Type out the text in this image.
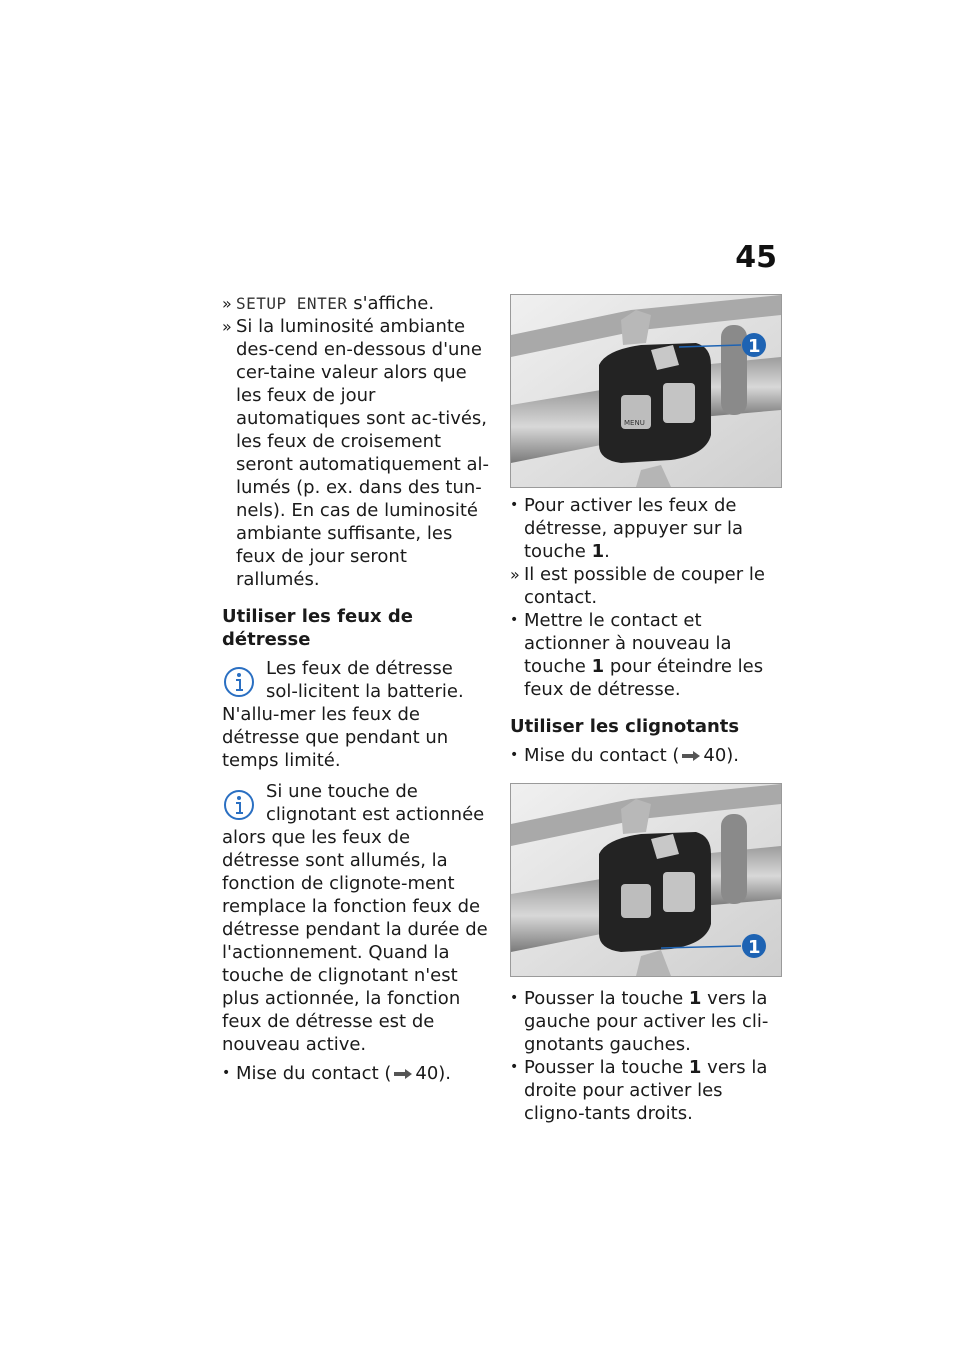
45

» SETUP ENTER s'affiche.

» Si la luminosité ambiante des-cend en-dessous d'une cer-taine valeur alors que les feux de jour automatiques sont ac-tivés, les feux de croisement seront automatiquement al-lumés (p. ex. dans des tun-nels). En cas de luminosité ambiante suffisante, les feux de jour seront rallumés.

Utiliser les feux de détresse

Les feux de détresse sol-licitent la batterie. N'allu-mer les feux de détresse que pendant un temps limité.

Si une touche de clignotant est actionnée alors que les feux de détresse sont allumés, la fonction de clignote-ment remplace la fonction feux de détresse pendant la durée de l'actionnement. Quand la touche de clignotant n'est plus actionnée, la fonction feux de détresse est de nouveau active.

• Mise du contact ( 40).

MENU
1

• Pour activer les feux de détresse, appuyer sur la touche 1.

» Il est possible de couper le contact.

• Mettre le contact et actionner à nouveau la touche 1 pour éteindre les feux de détresse.

Utiliser les clignotants

• Mise du contact ( 40).

1

• Pousser la touche 1 vers la gauche pour activer les cli-gnotants gauches.

• Pousser la touche 1 vers la droite pour activer les cligno-tants droits.
